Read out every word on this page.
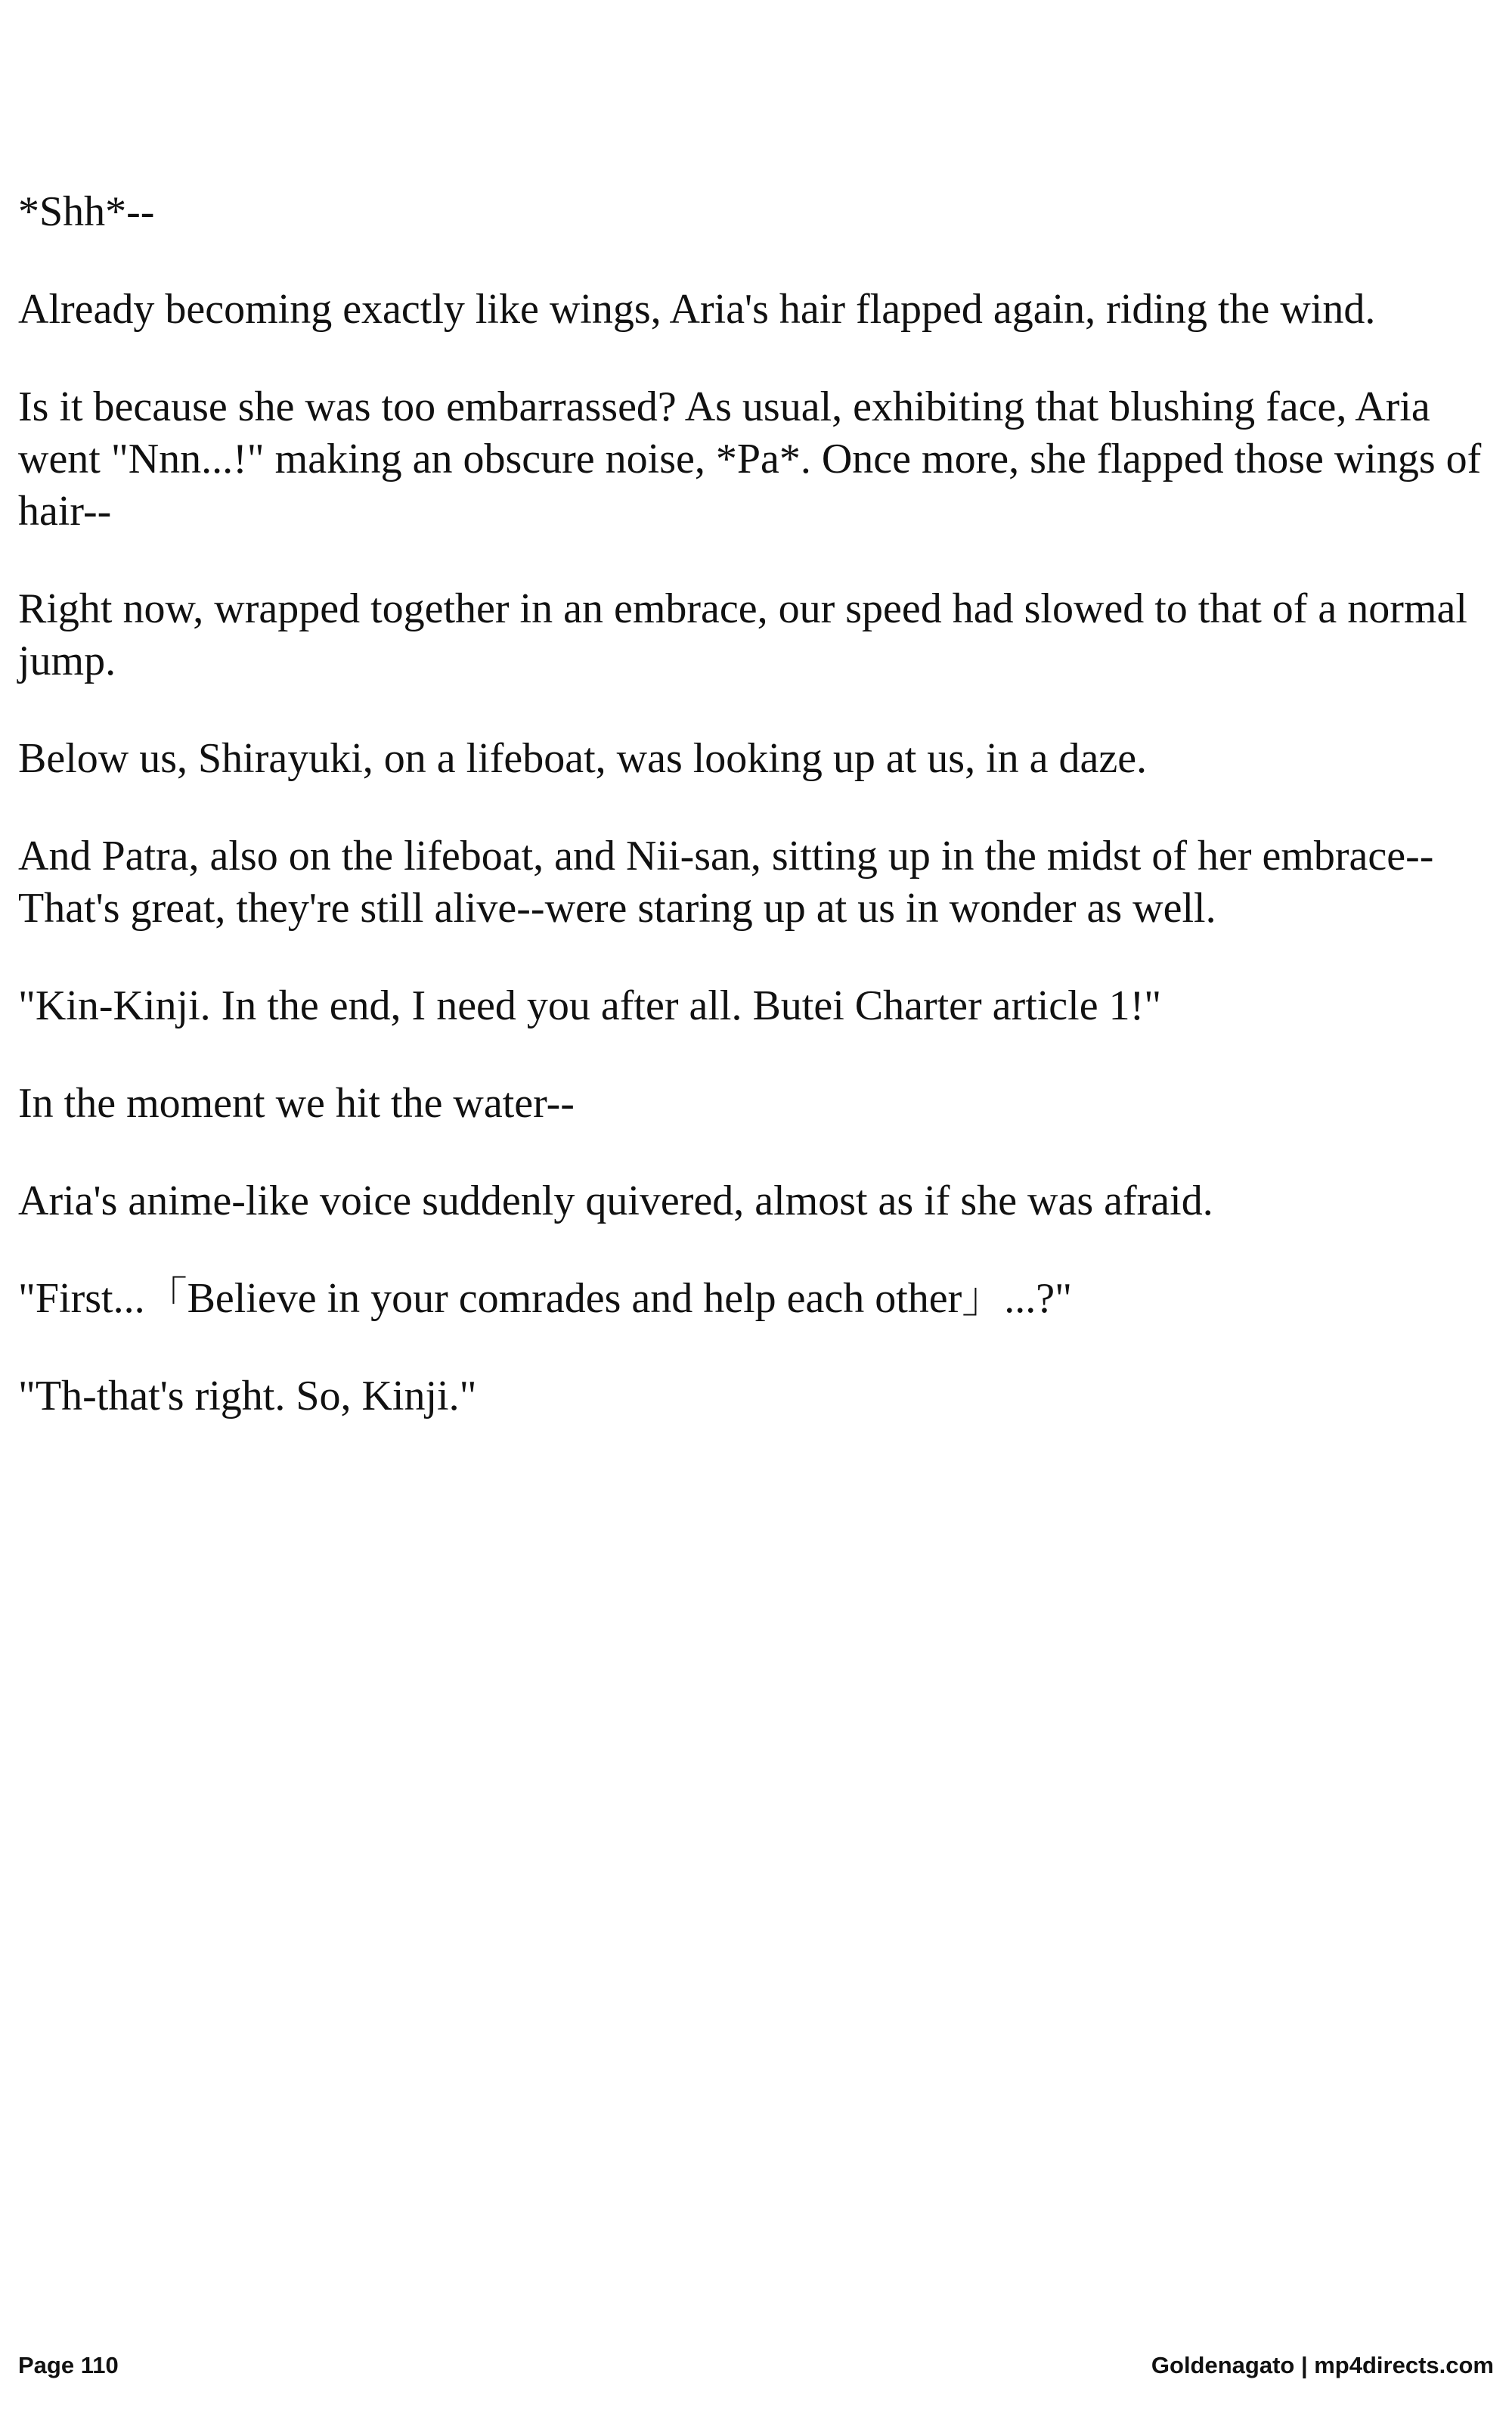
*Shh*--

Already becoming exactly like wings, Aria's hair flapped again, riding the wind.

Is it because she was too embarrassed? As usual, exhibiting that blushing face, Aria went "Nnn...!" making an obscure noise, *Pa*. Once more, she flapped those wings of hair--

Right now, wrapped together in an embrace, our speed had slowed to that of a normal jump.

Below us, Shirayuki, on a lifeboat, was looking up at us, in a daze.

And Patra, also on the lifeboat, and Nii-san, sitting up in the midst of her embrace--That's great, they're still alive--were staring up at us in wonder as well.

"Kin-Kinji. In the end, I need you after all. Butei Charter article 1!"

In the moment we hit the water--

Aria's anime-like voice suddenly quivered, almost as if she was afraid.

"First...「Believe in your comrades and help each other」...?"

"Th-that's right. So, Kinji."

Page 110	Goldenagato | mp4directs.com
